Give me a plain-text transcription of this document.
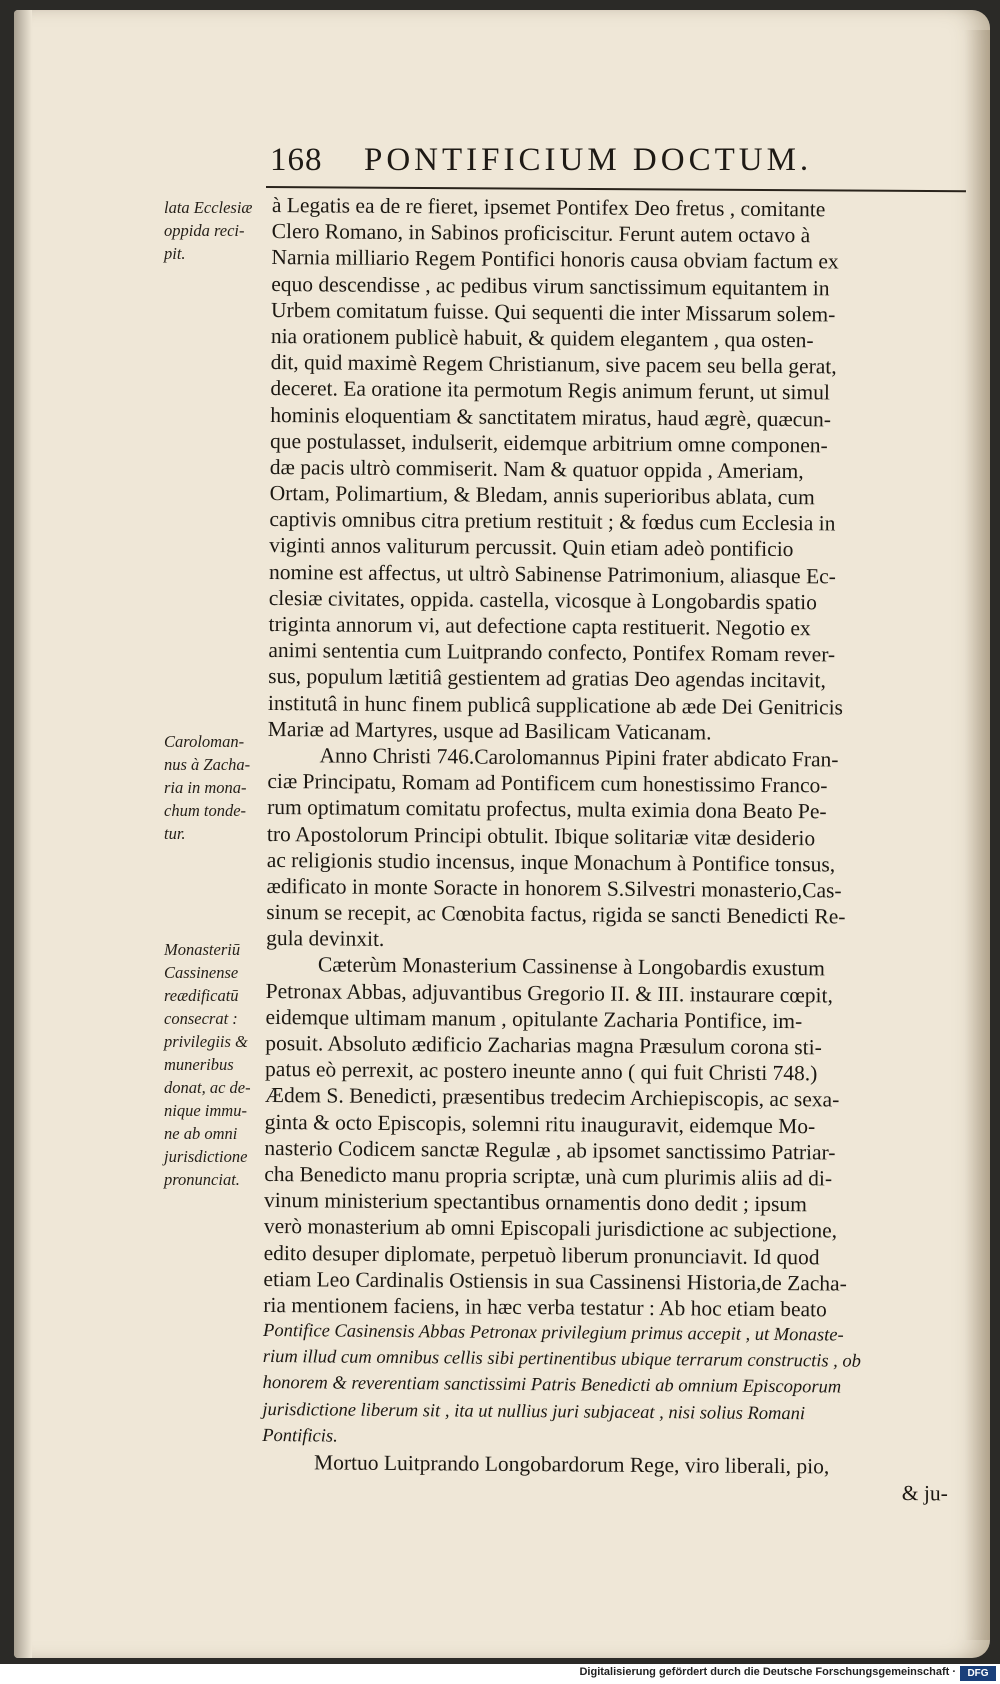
168 PONTIFICIUM DOCTUM.
lata Ecclesiæ
oppida reci-
pit.
Caroloman-
nus à Zacha-
ria in mona-
chum tonde-
tur.
Monasteriū
Cassinense
reædificatū
consecrat :
privilegiis &
muneribus
donat, ac de-
nique immu-
ne ab omni
jurisdictione
pronunciat.
à Legatis ea de re fieret, ipsemet Pontifex Deo fretus , comitante
Clero Romano, in Sabinos proficiscitur. Ferunt autem octavo à
Narnia milliario Regem Pontifici honoris causa obviam factum ex
equo descendisse , ac pedibus virum sanctissimum equitantem in
Urbem comitatum fuisse. Qui sequenti die inter Missarum solem-
nia orationem publicè habuit, & quidem elegantem , qua osten-
dit, quid maximè Regem Christianum, sive pacem seu bella gerat,
deceret. Ea oratione ita permotum Regis animum ferunt, ut simul
hominis eloquentiam & sanctitatem miratus, haud ægrè, quæcun-
que postulasset, indulserit, eidemque arbitrium omne componen-
dæ pacis ultrò commiserit. Nam & quatuor oppida , Ameriam,
Ortam, Polimartium, & Bledam, annis superioribus ablata, cum
captivis omnibus citra pretium restituit ; & fœdus cum Ecclesia in
viginti annos valiturum percussit. Quin etiam adeò pontificio
nomine est affectus, ut ultrò Sabinense Patrimonium, aliasque Ec-
clesiæ civitates, oppida. castella, vicosque à Longobardis spatio
triginta annorum vi, aut defectione capta restituerit. Negotio ex
animi sententia cum Luitprando confecto, Pontifex Romam rever-
sus, populum lætitiâ gestientem ad gratias Deo agendas incitavit,
institutâ in hunc finem publicâ supplicatione ab æde Dei Genitricis
Mariæ ad Martyres, usque ad Basilicam Vaticanam.
Anno Christi 746.Carolomannus Pipini frater abdicato Fran-
ciæ Principatu, Romam ad Pontificem cum honestissimo Franco-
rum optimatum comitatu profectus, multa eximia dona Beato Pe-
tro Apostolorum Principi obtulit. Ibique solitariæ vitæ desiderio
ac religionis studio incensus, inque Monachum à Pontifice tonsus,
ædificato in monte Soracte in honorem S.Silvestri monasterio,Cas-
sinum se recepit, ac Cœnobita factus, rigida se sancti Benedicti Re-
gula devinxit.
Cæterùm Monasterium Cassinense à Longobardis exustum
Petronax Abbas, adjuvantibus Gregorio II. & III. instaurare cœpit,
eidemque ultimam manum , opitulante Zacharia Pontifice, im-
posuit. Absoluto ædificio Zacharias magna Præsulum corona sti-
patus eò perrexit, ac postero ineunte anno ( qui fuit Christi 748.)
Ædem S. Benedicti, præsentibus tredecim Archiepiscopis, ac sexa-
ginta & octo Episcopis, solemni ritu inauguravit, eidemque Mo-
nasterio Codicem sanctæ Regulæ , ab ipsomet sanctissimo Patriar-
cha Benedicto manu propria scriptæ, unà cum plurimis aliis ad di-
vinum ministerium spectantibus ornamentis dono dedit ; ipsum
verò monasterium ab omni Episcopali jurisdictione ac subjectione,
edito desuper diplomate, perpetuò liberum pronunciavit. Id quod
etiam Leo Cardinalis Ostiensis in sua Cassinensi Historia,de Zacha-
ria mentionem faciens, in hæc verba testatur : Ab hoc etiam beato
Pontifice Casinensis Abbas Petronax privilegium primus accepit , ut Monaste-
rium illud cum omnibus cellis sibi pertinentibus ubique terrarum constructis , ob
honorem & reverentiam sanctissimi Patris Benedicti ab omnium Episcoporum
jurisdictione liberum sit , ita ut nullius juri subjaceat , nisi solius Romani
Pontificis.
Mortuo Luitprando Longobardorum Rege, viro liberali, pio,
& ju-
Digitalisierung gefördert durch die Deutsche Forschungsgemeinschaft ·	DFG
